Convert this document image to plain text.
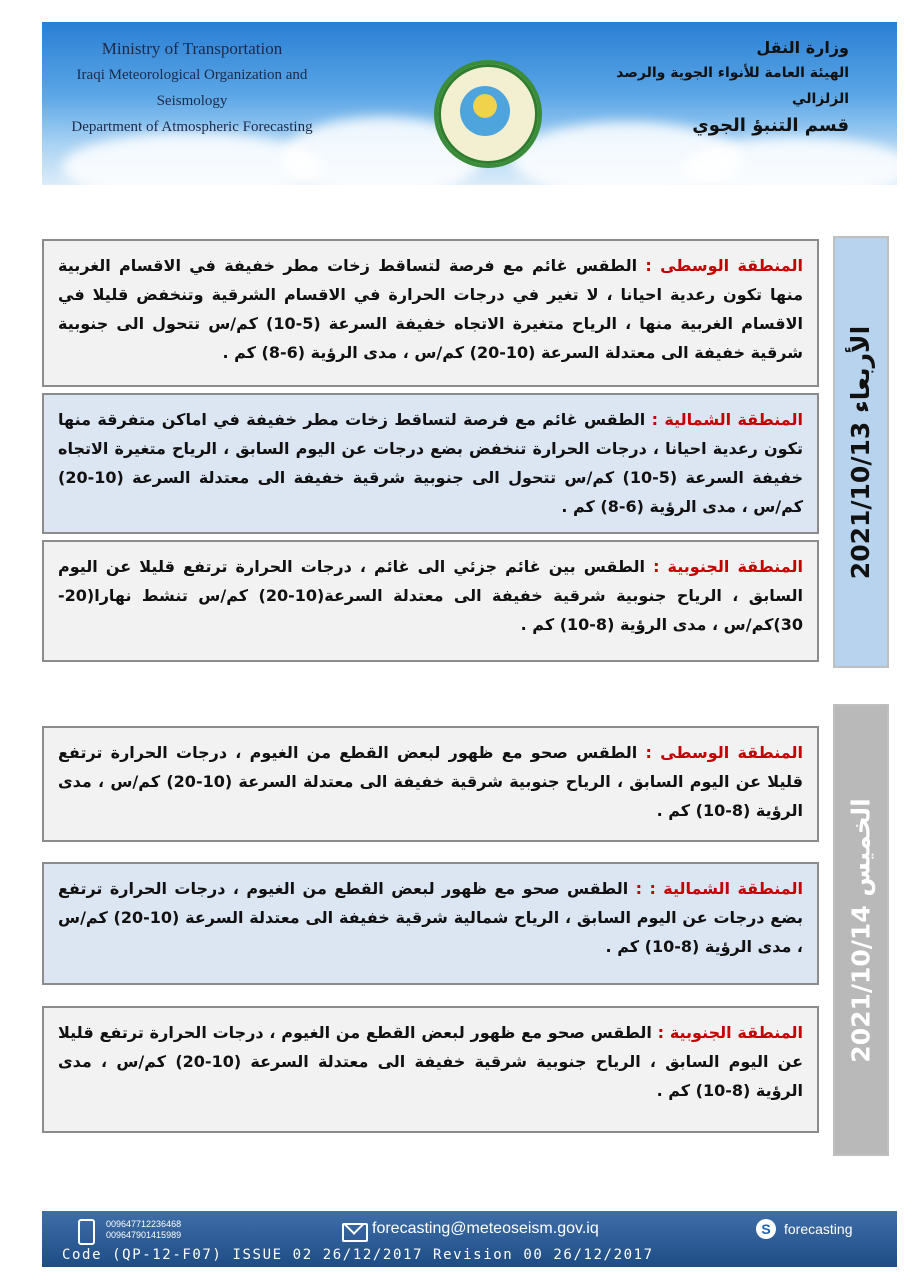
Ministry of Transportation
Iraqi Meteorological Organization and Seismology
Department of Atmospheric Forecasting
وزارة النقل
الهيئة العامة للأنواء الجوية والرصد الزلزالي
قسم التنبؤ الجوي
الأربعاء 2021/10/13
المنطقة الوسطى : الطقس غائم مع فرصة لتساقط زخات مطر خفيفة في الاقسام الغربية منها تكون رعدية احيانا ، لا تغير في درجات الحرارة في الاقسام الشرقية وتنخفض قليلا في الاقسام الغربية منها ، الرياح متغيرة الاتجاه خفيفة السرعة (5-10) كم/س تتحول الى جنوبية شرقية خفيفة الى معتدلة السرعة (10-20) كم/س ، مدى الرؤية (6-8) كم .
المنطقة الشمالية : الطقس غائم مع فرصة لتساقط زخات مطر خفيفة في اماكن متفرقة منها تكون رعدية احيانا ، درجات الحرارة تنخفض بضع درجات عن اليوم السابق ، الرياح متغيرة الاتجاه خفيفة السرعة (5-10) كم/س تتحول الى جنوبية شرقية خفيفة الى معتدلة السرعة (10-20) كم/س ، مدى الرؤية (6-8) كم .
المنطقة الجنوبية : الطقس بين غائم جزئي الى غائم ، درجات الحرارة ترتفع قليلا عن اليوم السابق ، الرياح جنوبية شرقية خفيفة الى معتدلة السرعة(10-20) كم/س تنشط نهارا(20-30)كم/س ، مدى الرؤية (8-10) كم .
الخميس 2021/10/14
المنطقة الوسطى : الطقس صحو مع ظهور لبعض القطع من الغيوم ، درجات الحرارة ترتفع قليلا عن اليوم السابق ، الرياح جنوبية شرقية خفيفة الى معتدلة السرعة (10-20) كم/س ، مدى الرؤية (8-10) كم .
المنطقة الشمالية : : الطقس صحو مع ظهور لبعض القطع من الغيوم ، درجات الحرارة ترتفع بضع درجات عن اليوم السابق ، الرياح شمالية شرقية خفيفة الى معتدلة السرعة (10-20) كم/س ، مدى الرؤية (8-10) كم .
المنطقة الجنوبية : الطقس صحو مع ظهور لبعض القطع من الغيوم ، درجات الحرارة ترتفع قليلا عن اليوم السابق ، الرياح جنوبية شرقية خفيفة الى معتدلة السرعة (10-20) كم/س ، مدى الرؤية (8-10) كم .
009647712236468
009647901415989	forecasting@meteoseism.gov.iq	S forecasting
Code (QP-12-F07) ISSUE 02 26/12/2017 Revision 00 26/12/2017
